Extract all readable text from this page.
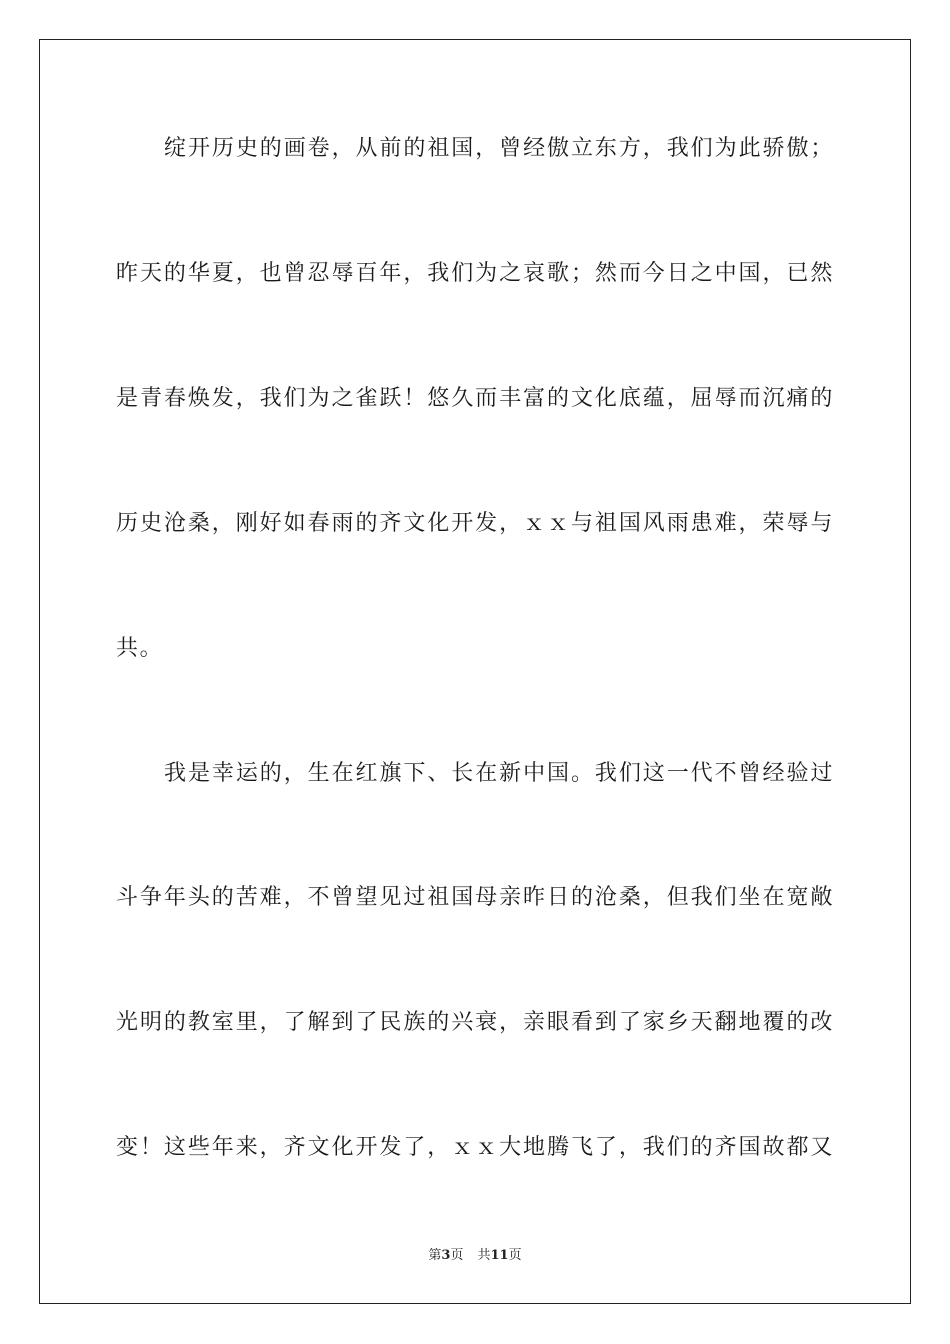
绽开历史的画卷，从前的祖国，曾经傲立东方，我们为此骄傲；
昨天的华夏，也曾忍辱百年，我们为之哀歌；然而今日之中国，已然
是青春焕发，我们为之雀跃！悠久而丰富的文化底蕴，屈辱而沉痛的
历史沧桑，刚好如春雨的齐文化开发，ｘｘ与祖国风雨患难，荣辱与
共。
我是幸运的，生在红旗下、长在新中国。我们这一代不曾经验过
斗争年头的苦难，不曾望见过祖国母亲昨日的沧桑，但我们坐在宽敞
光明的教室里，了解到了民族的兴衰，亲眼看到了家乡天翻地覆的改
变！这些年来，齐文化开发了，ｘｘ大地腾飞了，我们的齐国故都又
第3页 共11页
